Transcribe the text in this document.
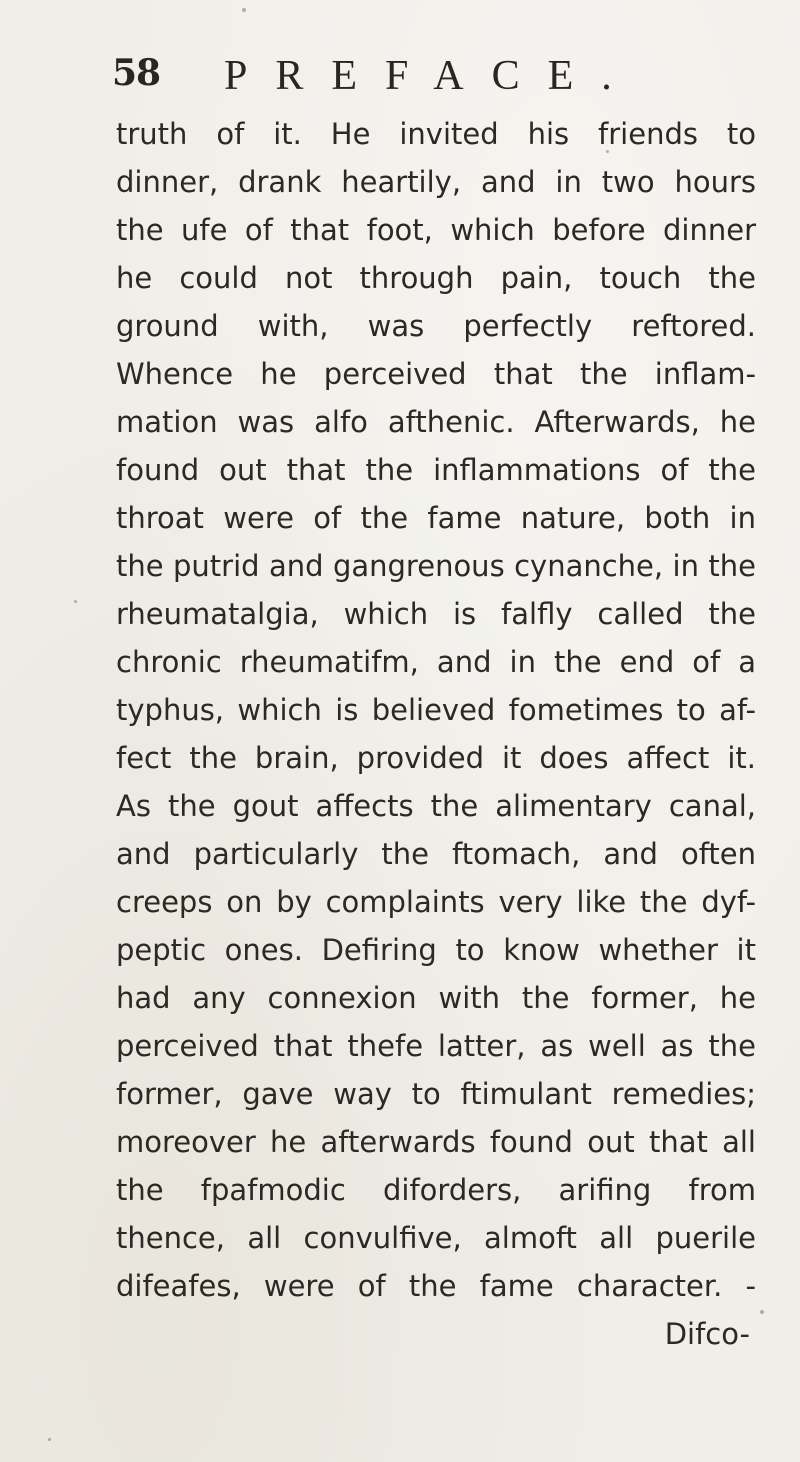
58 PREFACE.
truth of it. He invited his friends to
dinner, drank heartily, and in two hours
the ufe of that foot, which before dinner
he could not through pain, touch the
ground with, was perfectly reftored.
Whence he perceived that the inflam-
mation was alfo afthenic. Afterwards, he
found out that the inflammations of the
throat were of the fame nature, both in
the putrid and gangrenous cynanche, in the
rheumatalgia, which is falfly called the
chronic rheumatifm, and in the end of a
typhus, which is believed fometimes to af-
fect the brain, provided it does affect it.
As the gout affects the alimentary canal,
and particularly the ftomach, and often
creeps on by complaints very like the dyf-
peptic ones. Defiring to know whether it
had any connexion with the former, he
perceived that thefe latter, as well as the
former, gave way to ftimulant remedies;
moreover he afterwards found out that all
the fpafmodic diforders, arifing from
thence, all convulfive, almoft all puerile
difeafes, were of the fame character. -
Difco-
